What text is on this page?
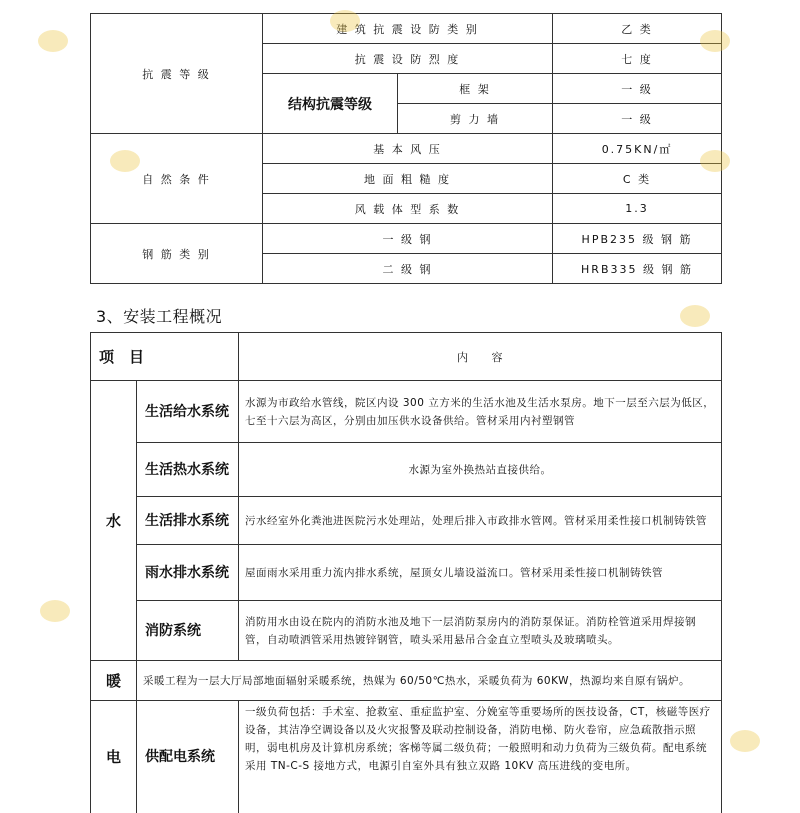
抗 震 等 级	建 筑 抗 震 设 防 类 别		乙 类
	抗 震 设 防 烈 度		七 度
	结构抗震等级	框 架	一 级
		剪 力 墙	一 级
自 然 条 件	基 本 风 压		0.75KN/㎡
	地 面 粗 糙 度		C 类
	风 载 体 型 系 数		1.3
钢 筋 类 别	一 级 钢		HPB235 级 钢 筋
	二 级 钢		HRB335 级 钢 筋
3、安装工程概况
项　目		内　　容
水	生活给水系统	水源为市政给水管线，院区内设 300 立方米的生活水池及生活水泵房。地下一层至六层为低区，七至十六层为高区，分别由加压供水设备供给。管材采用内衬塑钢管
	生活热水系统	水源为室外换热站直接供给。
	生活排水系统	污水经室外化粪池进医院污水处理站，处理后排入市政排水管网。管材采用柔性接口机制铸铁管
	雨水排水系统	屋面雨水采用重力流内排水系统，屋顶女儿墙设溢流口。管材采用柔性接口机制铸铁管
	消防系统	消防用水由设在院内的消防水池及地下一层消防泵房内的消防泵保证。消防栓管道采用焊接钢管，自动喷洒管采用热镀锌钢管，喷头采用悬吊合金直立型喷头及玻璃喷头。
暖	采暖工程为一层大厅局部地面辐射采暖系统，热媒为 60/50℃热水，采暖负荷为 60KW，热源均来自原有锅炉。	
电	供配电系统	一级负荷包括：手术室、抢救室、重症监护室、分娩室等重要场所的医技设备，CT，核磁等医疗设备，其洁净空调设备以及火灾报警及联动控制设备，消防电梯、防火卷帘，应急疏散指示照明，弱电机房及计算机房系统；客梯等属二级负荷；一般照明和动力负荷为三级负荷。配电系统采用 TN-C-S 接地方式，电源引自室外具有独立双路 10KV 高压进线的变电所。
